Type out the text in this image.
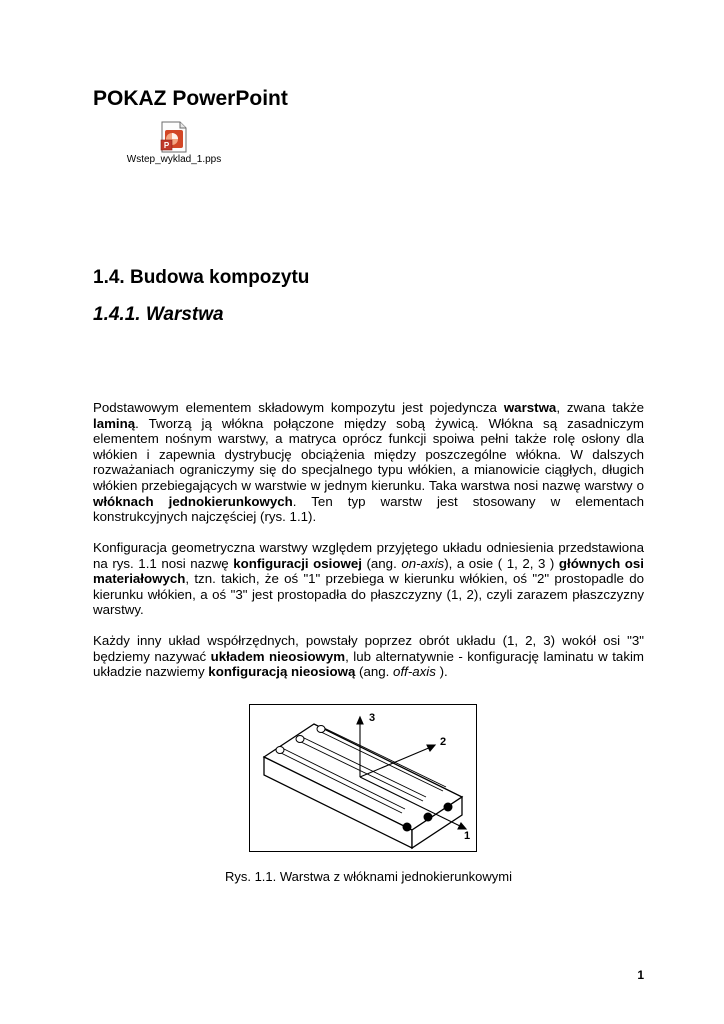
POKAZ PowerPoint
P
Wstep_wyklad_1.pps
1.4. Budowa kompozytu
1.4.1. Warstwa

Podstawowym elementem składowym kompozytu jest pojedyncza warstwa, zwana także laminą. Tworzą ją włókna połączone między sobą żywicą. Włókna są zasadniczym elementem nośnym warstwy, a matryca oprócz funkcji spoiwa pełni także rolę osłony dla włókien i zapewnia dystrybucję obciążenia między poszczególne włókna. W dalszych rozważaniach ograniczymy się do specjalnego typu włókien, a mianowicie ciągłych, długich włókien przebiegających w warstwie w jednym kierunku. Taka warstwa nosi nazwę warstwy o włóknach jednokierunkowych. Ten typ warstw jest stosowany w elementach konstrukcyjnych najczęściej (rys. 1.1).

Konfiguracja geometryczna warstwy względem przyjętego układu odniesienia przedstawiona na rys. 1.1 nosi nazwę konfiguracji osiowej (ang. on-axis), a osie ( 1, 2, 3 ) głównych osi materiałowych, tzn. takich, że oś "1" przebiega w kierunku włókien, oś "2" prostopadle do kierunku włókien, a oś "3" jest prostopadła do płaszczyzny (1, 2), czyli zarazem płaszczyzny warstwy.

Każdy inny układ współrzędnych, powstały poprzez obrót układu (1, 2, 3) wokół osi "3" będziemy nazywać układem nieosiowym, lub alternatywnie - konfigurację laminatu w takim układzie nazwiemy konfiguracją nieosiową (ang. off-axis ).

3
2
1
Rys. 1.1. Warstwa z włóknami jednokierunkowymi
1
